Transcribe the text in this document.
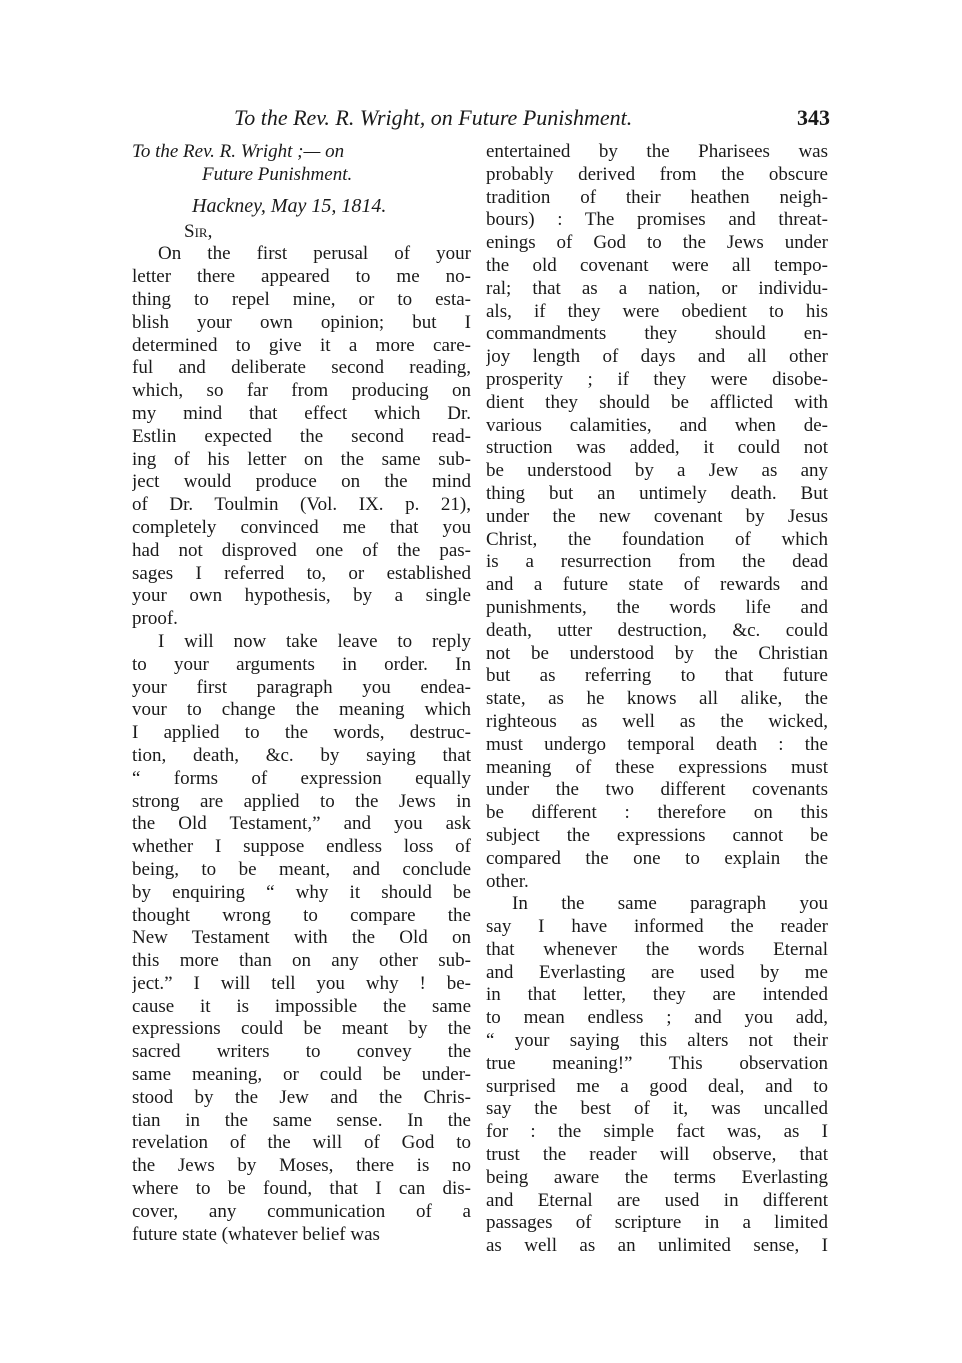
To the Rev. R. Wright, on Future Punishment.	343
To the Rev. R. Wright ;— on
Future Punishment.
Hackney, May 15, 1814.
Sir,
On the first perusal of your
letter there appeared to me no-
thing to repel mine, or to esta-
blish your own opinion; but I
determined to give it a more care-
ful and deliberate second reading,
which, so far from producing on
my mind that effect which Dr.
Estlin expected the second read-
ing of his letter on the same sub-
ject would produce on the mind
of Dr. Toulmin (Vol. IX. p. 21),
completely convinced me that you
had not disproved one of the pas-
sages I referred to, or established
your own hypothesis, by a single
proof.
I will now take leave to reply
to your arguments in order. In
your first paragraph you endea-
vour to change the meaning which
I applied to the words, destruc-
tion, death, &c. by saying that
“ forms of expression equally
strong are applied to the Jews in
the Old Testament,” and you ask
whether I suppose endless loss of
being, to be meant, and conclude
by enquiring “ why it should be
thought wrong to compare the
New Testament with the Old on
this more than on any other sub-
ject.” I will tell you why ! be-
cause it is impossible the same
expressions could be meant by the
sacred writers to convey the
same meaning, or could be under-
stood by the Jew and the Chris-
tian in the same sense. In the
revelation of the will of God to
the Jews by Moses, there is no
where to be found, that I can dis-
cover, any communication of a
future state (whatever belief was
entertained by the Pharisees was
probably derived from the obscure
tradition of their heathen neigh-
bours) : The promises and threat-
enings of God to the Jews under
the old covenant were all tempo-
ral; that as a nation, or individu-
als, if they were obedient to his
commandments they should en-
joy length of days and all other
prosperity ; if they were disobe-
dient they should be afflicted with
various calamities, and when de-
struction was added, it could not
be understood by a Jew as any
thing but an untimely death. But
under the new covenant by Jesus
Christ, the foundation of which
is a resurrection from the dead
and a future state of rewards and
punishments, the words life and
death, utter destruction, &c. could
not be understood by the Christian
but as referring to that future
state, as he knows all alike, the
righteous as well as the wicked,
must undergo temporal death : the
meaning of these expressions must
under the two different covenants
be different : therefore on this
subject the expressions cannot be
compared the one to explain the
other.
In the same paragraph you
say I have informed the reader
that whenever the words Eternal
and Everlasting are used by me
in that letter, they are intended
to mean endless ; and you add,
“ your saying this alters not their
true meaning!” This observation
surprised me a good deal, and to
say the best of it, was uncalled
for : the simple fact was, as I
trust the reader will observe, that
being aware the terms Everlasting
and Eternal are used in different
passages of scripture in a limited
as well as an unlimited sense, I
